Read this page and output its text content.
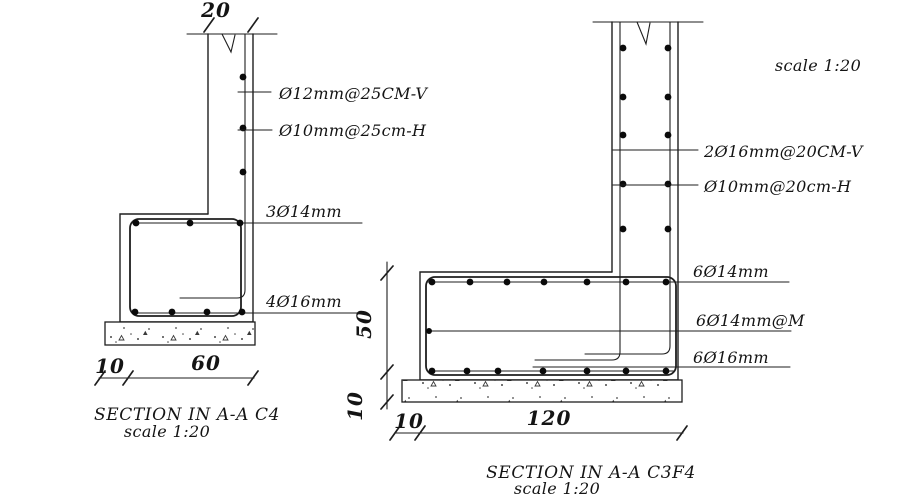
20
Ø12mm@25CM-V
Ø10mm@25cm-H
3Ø14mm
4Ø16mm
10	60
SECTION IN A-A C4
scale 1:20
2Ø16mm@20CM-V
Ø10mm@20cm-H
6Ø14mm
6Ø14mm@M
6Ø16mm
50
10
10	120
SECTION IN A-A C3F4
scale 1:20
scale 1:20
